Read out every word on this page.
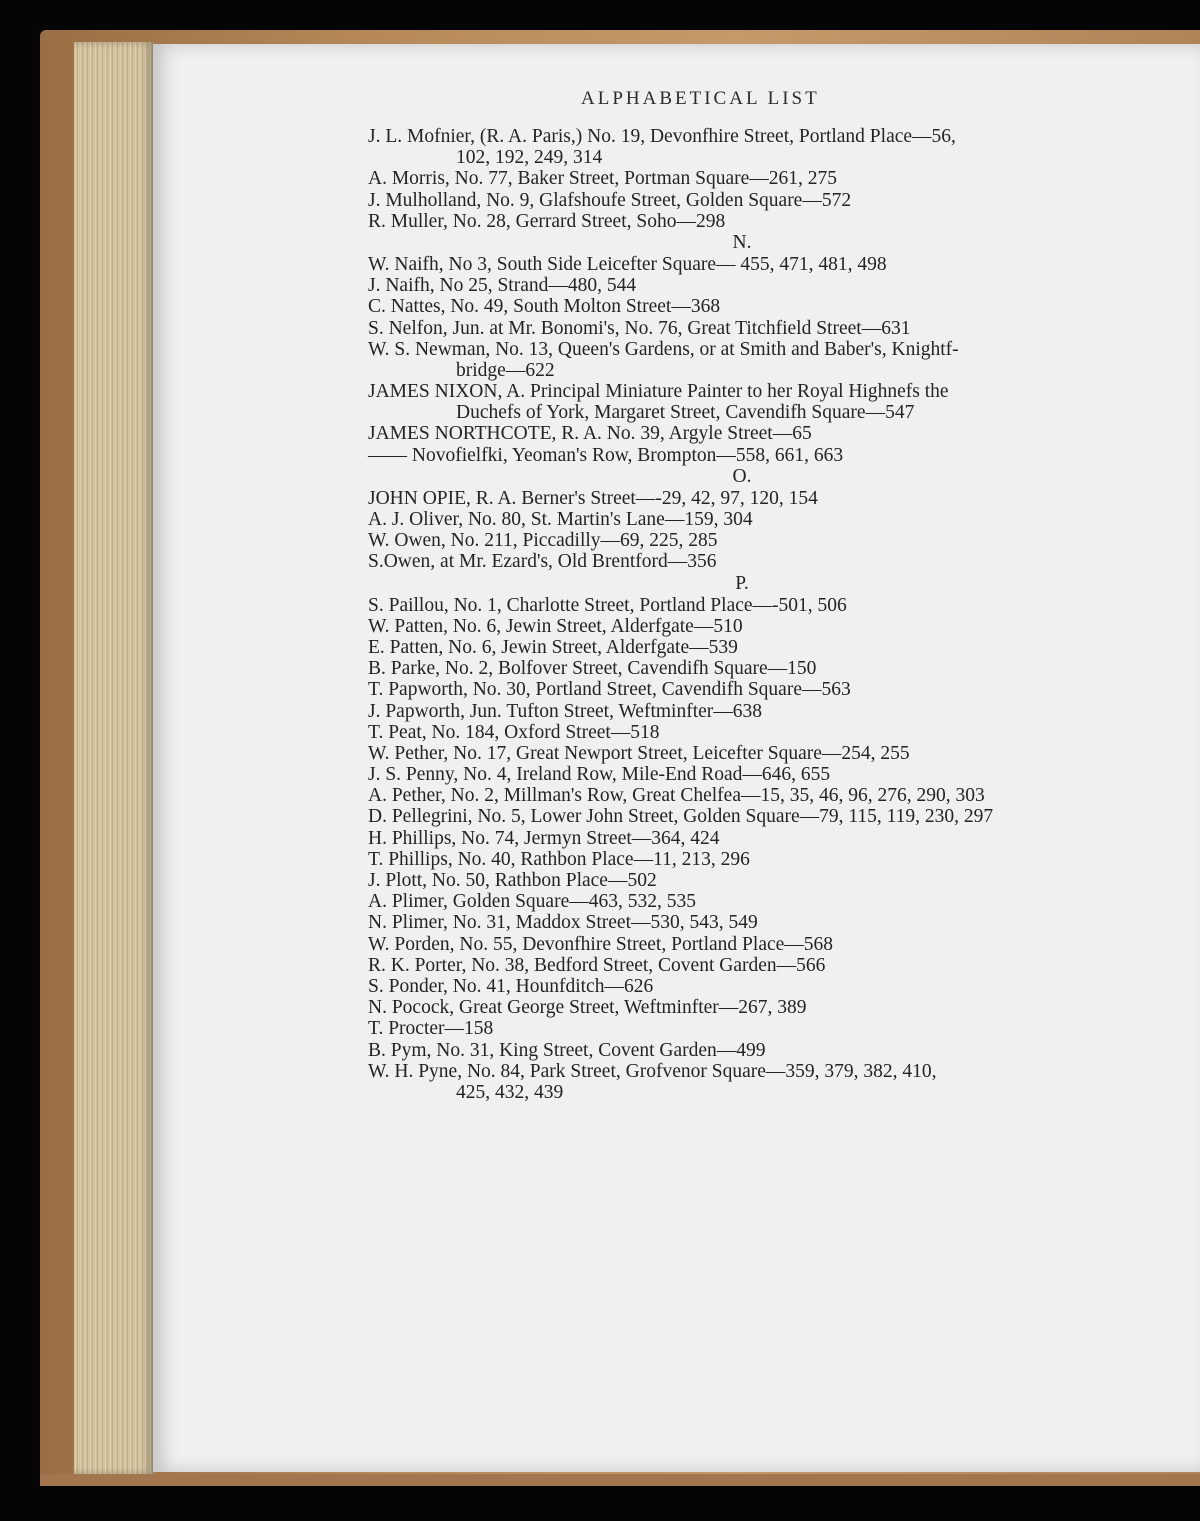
ALPHABETICAL LIST
J. L. Mofnier, (R. A. Paris,) No. 19, Devonfhire Street, Portland Place—56,
102, 192, 249, 314
A. Morris, No. 77, Baker Street, Portman Square—261, 275
J. Mulholland, No. 9, Glafshoufe Street, Golden Square—572
R. Muller, No. 28, Gerrard Street, Soho—298
N.
W. Naifh, No 3, South Side Leicefter Square— 455, 471, 481, 498
J. Naifh, No 25, Strand—480, 544
C. Nattes, No. 49, South Molton Street—368
S. Nelfon, Jun. at Mr. Bonomi's, No. 76, Great Titchfield Street—631
W. S. Newman, No. 13, Queen's Gardens, or at Smith and Baber's, Knightf-
bridge—622
JAMES NIXON, A. Principal Miniature Painter to her Royal Highnefs the
Duchefs of York, Margaret Street, Cavendifh Square—547
JAMES NORTHCOTE, R. A. No. 39, Argyle Street—65
—— Novofielfki, Yeoman's Row, Brompton—558, 661, 663
O.
JOHN OPIE, R. A. Berner's Street—-29, 42, 97, 120, 154
A. J. Oliver, No. 80, St. Martin's Lane—159, 304
W. Owen, No. 211, Piccadilly—69, 225, 285
S.Owen, at Mr. Ezard's, Old Brentford—356
P.
S. Paillou, No. 1, Charlotte Street, Portland Place—-501, 506
W. Patten, No. 6, Jewin Street, Alderfgate—510
E. Patten, No. 6, Jewin Street, Alderfgate—539
B. Parke, No. 2, Bolfover Street, Cavendifh Square—150
T. Papworth, No. 30, Portland Street, Cavendifh Square—563
J. Papworth, Jun. Tufton Street, Weftminfter—638
T. Peat, No. 184, Oxford Street—518
W. Pether, No. 17, Great Newport Street, Leicefter Square—254, 255
J. S. Penny, No. 4, Ireland Row, Mile-End Road—646, 655
A. Pether, No. 2, Millman's Row, Great Chelfea—15, 35, 46, 96, 276, 290, 303
D. Pellegrini, No. 5, Lower John Street, Golden Square—79, 115, 119, 230, 297
H. Phillips, No. 74, Jermyn Street—364, 424
T. Phillips, No. 40, Rathbon Place—11, 213, 296
J. Plott, No. 50, Rathbon Place—502
A. Plimer, Golden Square—463, 532, 535
N. Plimer, No. 31, Maddox Street—530, 543, 549
W. Porden, No. 55, Devonfhire Street, Portland Place—568
R. K. Porter, No. 38, Bedford Street, Covent Garden—566
S. Ponder, No. 41, Hounfditch—626
N. Pocock, Great George Street, Weftminfter—267, 389
T. Procter—158
B. Pym, No. 31, King Street, Covent Garden—499
W. H. Pyne, No. 84, Park Street, Grofvenor Square—359, 379, 382, 410,
425, 432, 439
